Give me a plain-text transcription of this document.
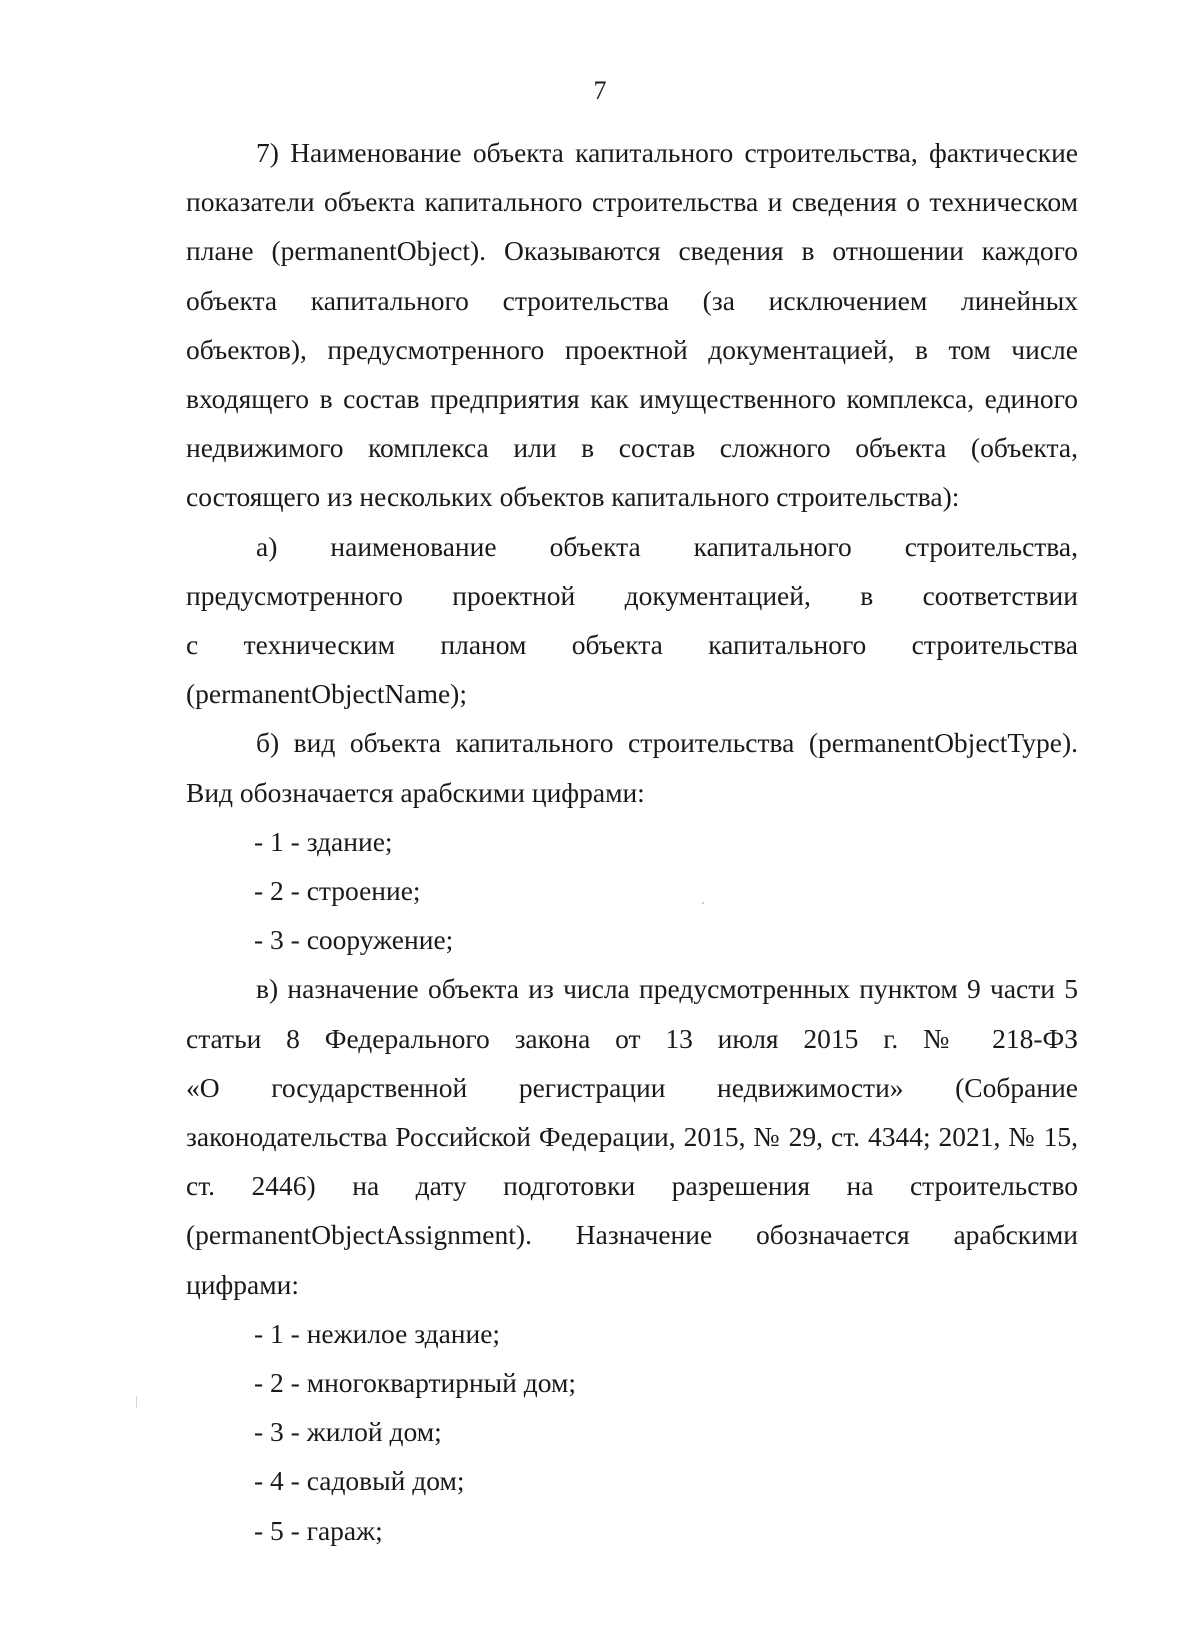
7
7) Наименование объекта капитального строительства, фактические
показатели объекта капитального строительства и сведения о техническом
плане (permanentObject). Оказываются сведения в отношении каждого
объекта капитального строительства (за исключением линейных
объектов), предусмотренного проектной документацией, в том числе
входящего в состав предприятия как имущественного комплекса, единого
недвижимого комплекса или в состав сложного объекта (объекта,
состоящего из нескольких объектов капитального строительства):
а) наименование объекта капитального строительства,
предусмотренного проектной документацией, в соответствии
с техническим планом объекта капитального строительства
(permanentObjectName);
б) вид объекта капитального строительства (permanentObjectType).
Вид обозначается арабскими цифрами:
- 1 - здание;
- 2 - строение;
- 3 - сооружение;
в) назначение объекта из числа предусмотренных пунктом 9 части 5
статьи 8 Федерального закона от 13 июля 2015 г. № 218-ФЗ
«О государственной регистрации недвижимости» (Собрание
законодательства Российской Федерации, 2015, № 29, ст. 4344; 2021, № 15,
ст. 2446) на дату подготовки разрешения на строительство
(permanentObjectAssignment). Назначение обозначается арабскими
цифрами:
- 1 - нежилое здание;
- 2 - многоквартирный дом;
- 3 - жилой дом;
- 4 - садовый дом;
- 5 - гараж;
